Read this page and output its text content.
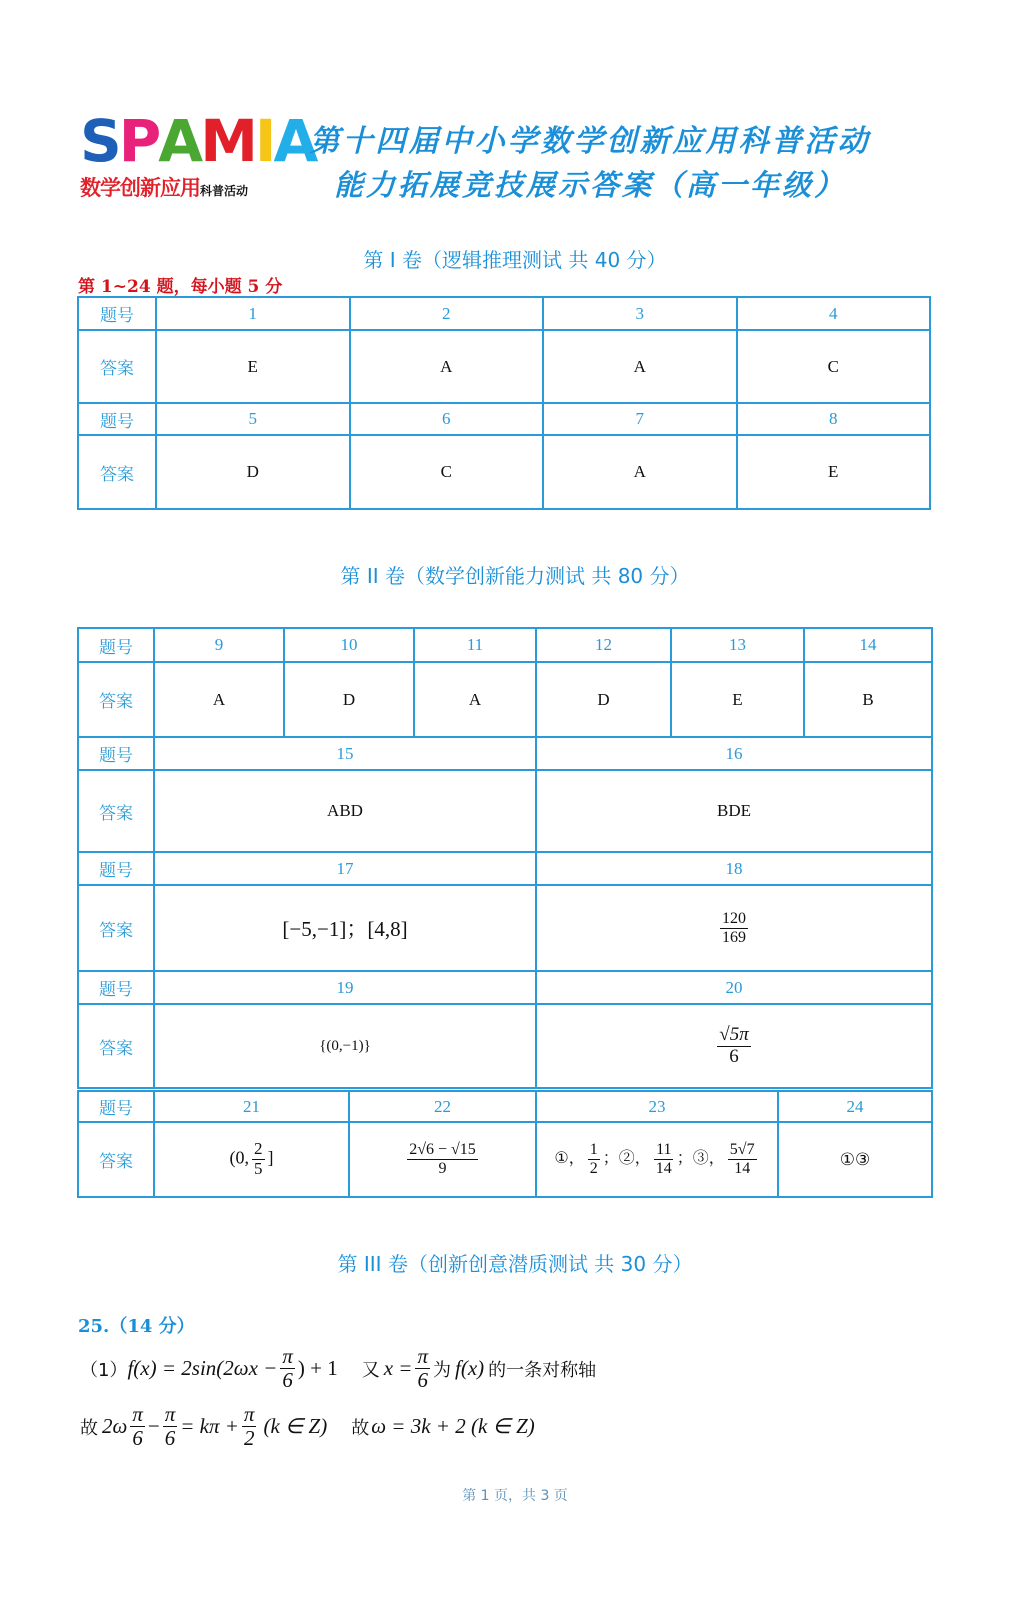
SPAMIA
数学创新应用科普活动
第十四届中小学数学创新应用科普活动
能力拓展竞技展示答案（高一年级）
第 I 卷（逻辑推理测试 共 40 分）
第 1~24 题，每小题 5 分
题号	1	2	3	4
答案	E	A	A	C
题号	5	6	7	8
答案	D	C	A	E
第 II 卷（数学创新能力测试 共 80 分）
题号	9	10	11	12	13	14
答案	A	D	A	D	E	B
题号	15	16
答案	ABD	BDE
题号	17	18
答案	[−5,−1]；[4,8]	$\frac{120}{169}$

题号	19	20
答案	{(0,−1)}	$\frac{√5\pi}{6}$
题号	21	22	23	24
答案	(0, $\frac{2}{5}$ ]	$\frac{2√6 - √15}{9}$	①， $\frac{1}{2}$ ；②， $\frac{11}{14}$ ；③， $\frac{5√7}{14}$	①③
第 III 卷（创新创意潜质测试 共 30 分）
25.（14 分）
（1） $f(x) = 2\sin(2\omega x - \frac{\pi}{6}$ ) + 1 又 $x = \frac{\pi}{6}$ 为 f(x) 的一条对称轴
故 $2\omega \frac{\pi}{6} - \frac{\pi}{6} = k\pi + \frac{\pi}{2} (k$ ∈ Z) 故 ω = 3k + 2 (k ∈ Z)
第 1 页，共 3 页
